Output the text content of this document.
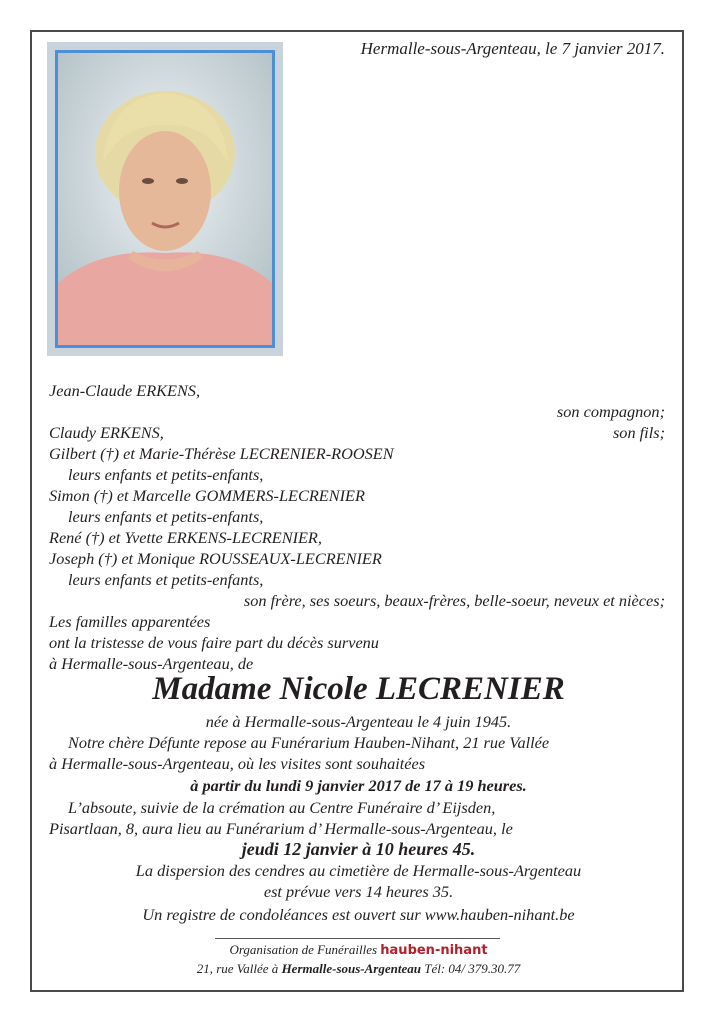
Hermalle-sous-Argenteau, le 7 janvier 2017.
Jean-Claude ERKENS,
son compagnon;
Claudy ERKENS,	son fils;
Gilbert (†) et Marie-Thérèse LECRENIER-ROOSEN
leurs enfants et petits-enfants,
Simon (†) et Marcelle GOMMERS-LECRENIER
leurs enfants et petits-enfants,
René (†) et Yvette ERKENS-LECRENIER,
Joseph (†) et Monique ROUSSEAUX-LECRENIER
leurs enfants et petits-enfants,
son frère, ses soeurs, beaux-frères, belle-soeur, neveux et nièces;
Les familles apparentées
ont la tristesse de vous faire part du décès survenu
à Hermalle-sous-Argenteau, de
Madame Nicole LECRENIER
née à Hermalle-sous-Argenteau le 4 juin 1945.
Notre chère Défunte repose au Funérarium Hauben-Nihant, 21 rue Vallée
à Hermalle-sous-Argenteau, où les visites sont souhaitées
à partir du lundi 9 janvier 2017 de 17 à 19 heures.
L’absoute, suivie de la crémation au Centre Funéraire d’ Eijsden,
Pisartlaan, 8, aura lieu au Funérarium d’ Hermalle-sous-Argenteau, le
jeudi 12 janvier à 10 heures 45.
La dispersion des cendres au cimetière de Hermalle-sous-Argenteau
est prévue vers 14 heures 35.
Un registre de condoléances est ouvert sur www.hauben-nihant.be
Organisation de Funérailles hauben-nihant
21, rue Vallée à Hermalle-sous-Argenteau Tél: 04/ 379.30.77
